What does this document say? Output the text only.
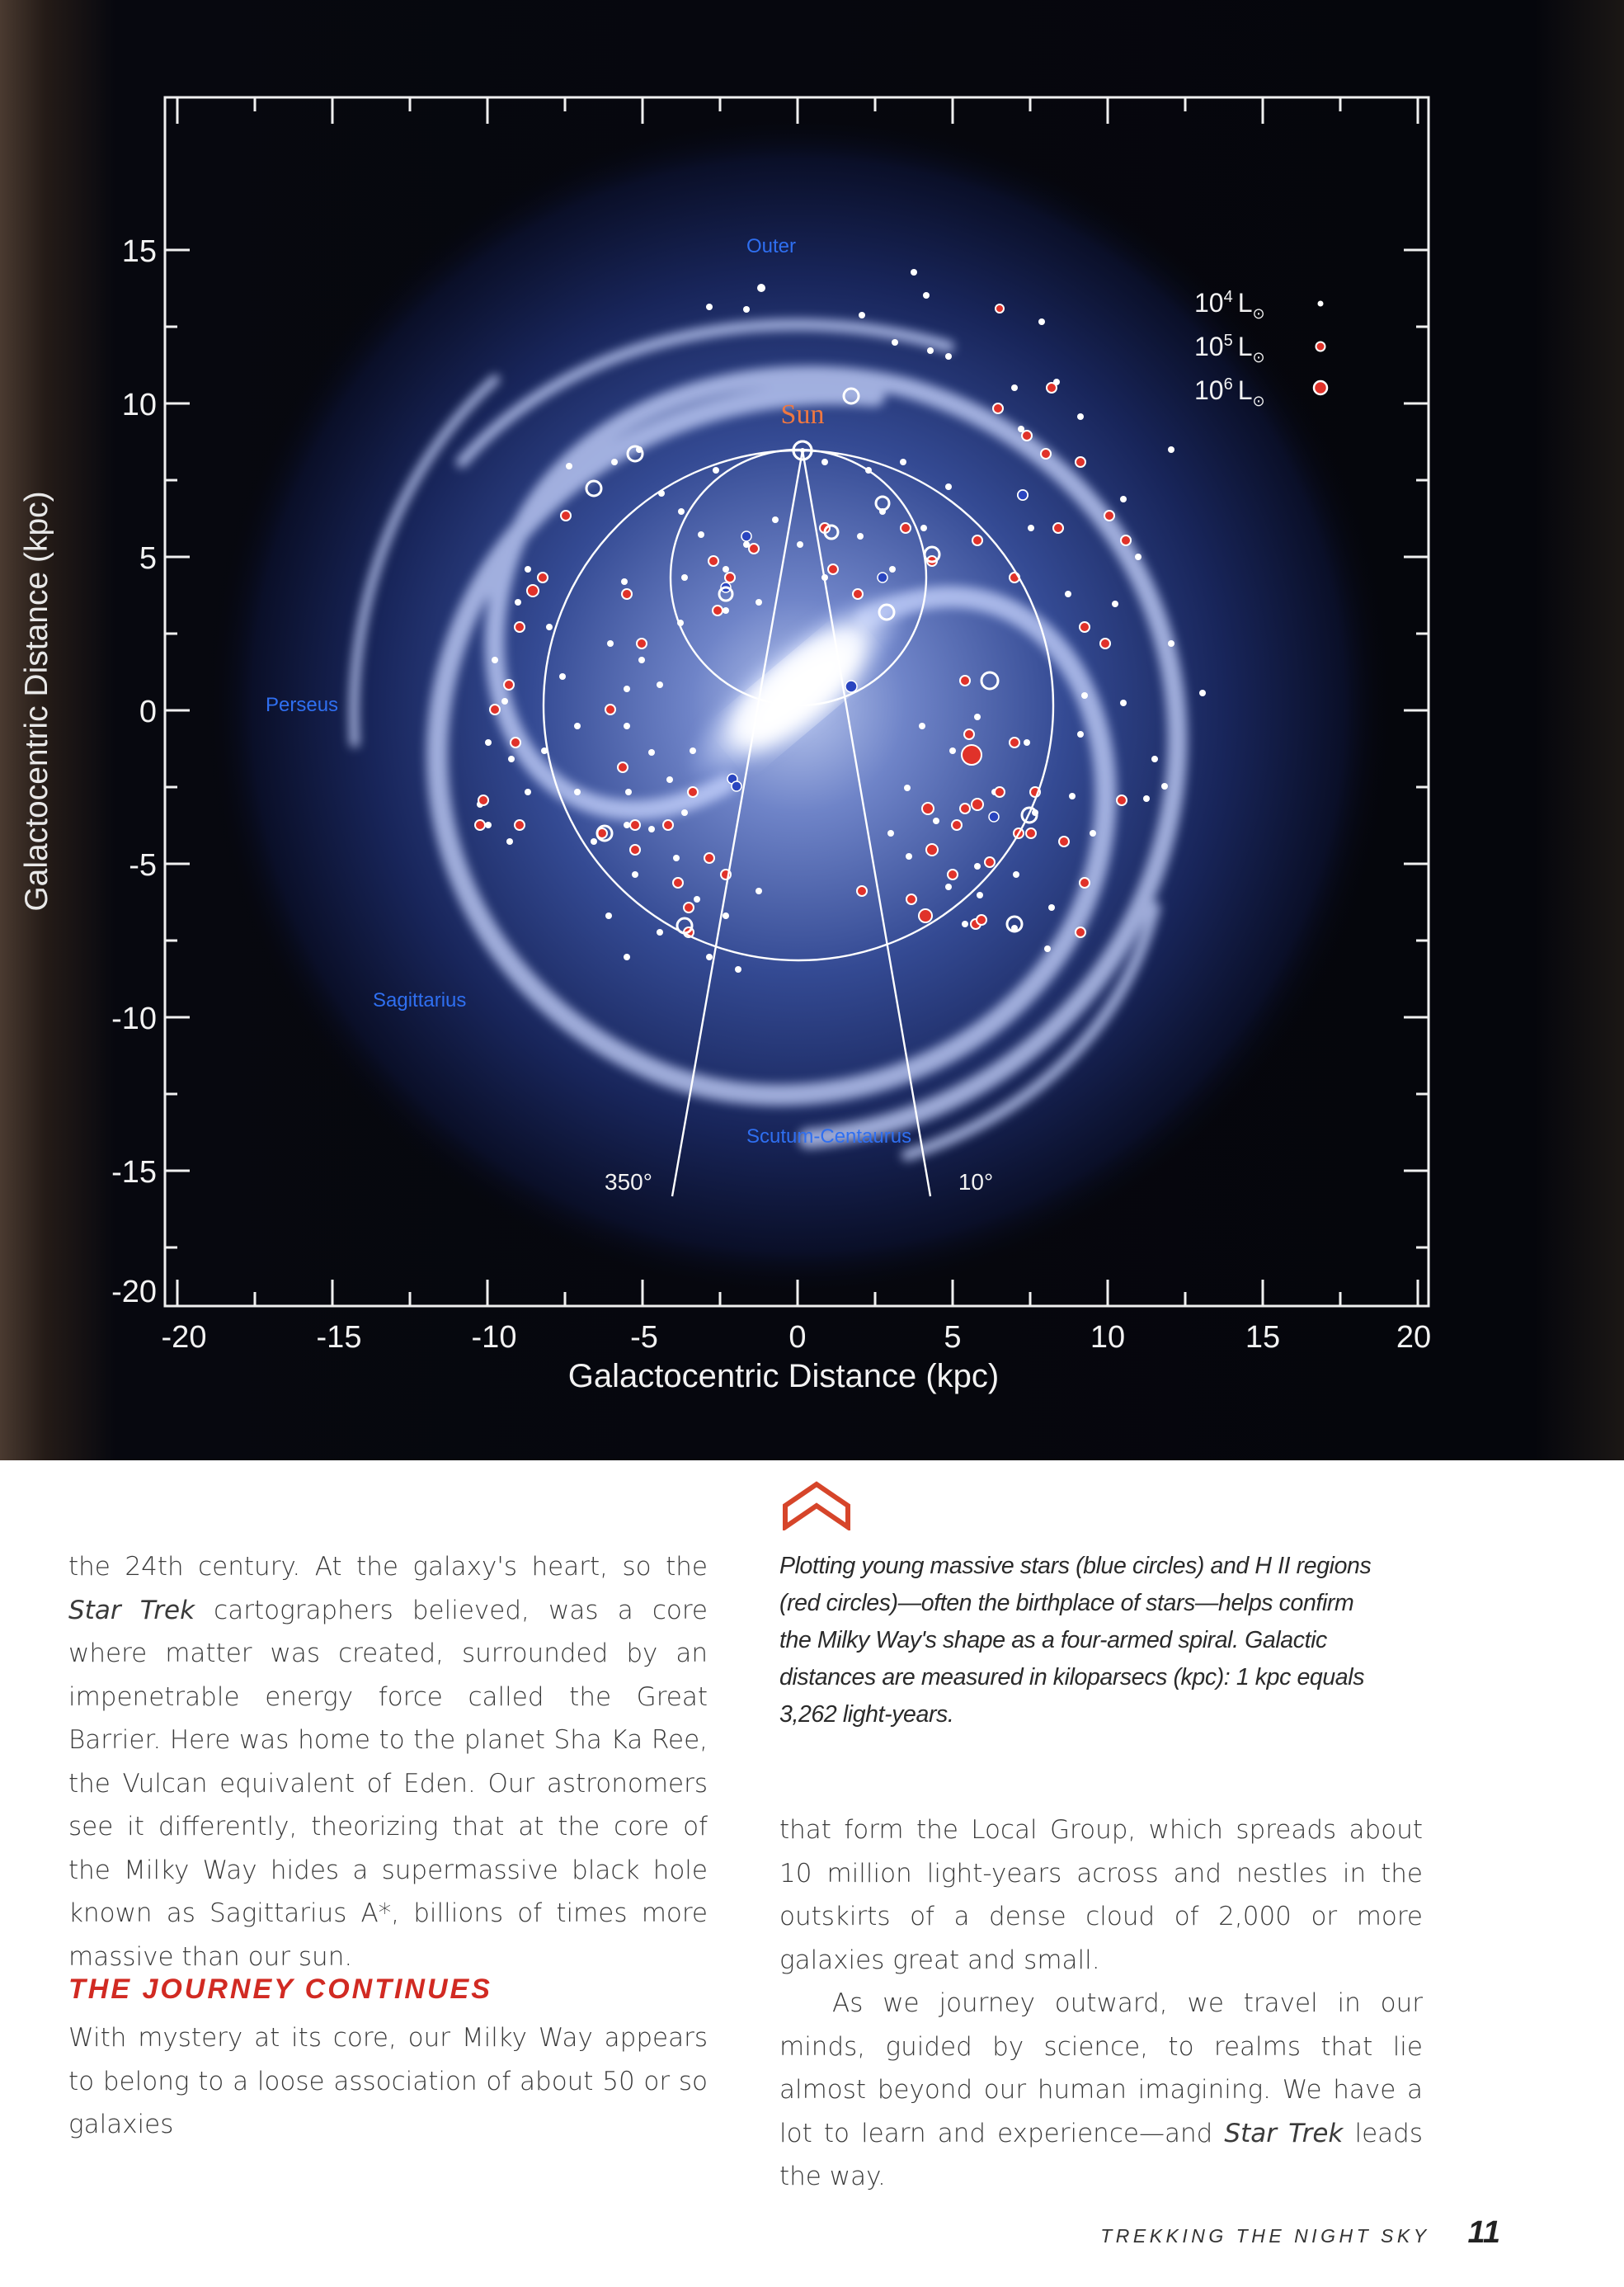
15
10
5
0
-5
-10
-15
-20
-20	-15	-10	-5	0	5	10	15	20
Galactocentric Distance (kpc)
Galactocentric Distance (kpc)
Sun
Outer
Perseus
Sagittarius
Scutum-Centaurus
350°	10°
$10^4$ $L_⊙$
$10^5$ $L_⊙$
$10^6$ $L_⊙$

Plotting young massive stars (blue circles) and H II regions (red circles)—often the birthplace of stars—helps confirm the Milky Way's shape as a four-armed spiral. Galactic distances are measured in kiloparsecs (kpc): 1 kpc equals 3,262 light-years.

the 24th century. At the galaxy's heart, so the Star Trek cartographers believed, was a core where matter was created, surrounded by an impenetrable energy force called the Great Barrier. Here was home to the planet Sha Ka Ree, the Vulcan equivalent of Eden. Our astronomers see it differently, theorizing that at the core of the Milky Way hides a supermassive black hole known as Sagittarius A*, billions of times more massive than our sun.

THE JOURNEY CONTINUES

With mystery at its core, our Milky Way appears to belong to a loose association of about 50 or so galaxies

that form the Local Group, which spreads about 10 million light-years across and nestles in the outskirts of a dense cloud of 2,000 or more galaxies great and small.

As we journey outward, we travel in our minds, guided by science, to realms that lie almost beyond our human imagining. We have a lot to learn and experience—and Star Trek leads the way.

TREKKING THE NIGHT SKY 11
